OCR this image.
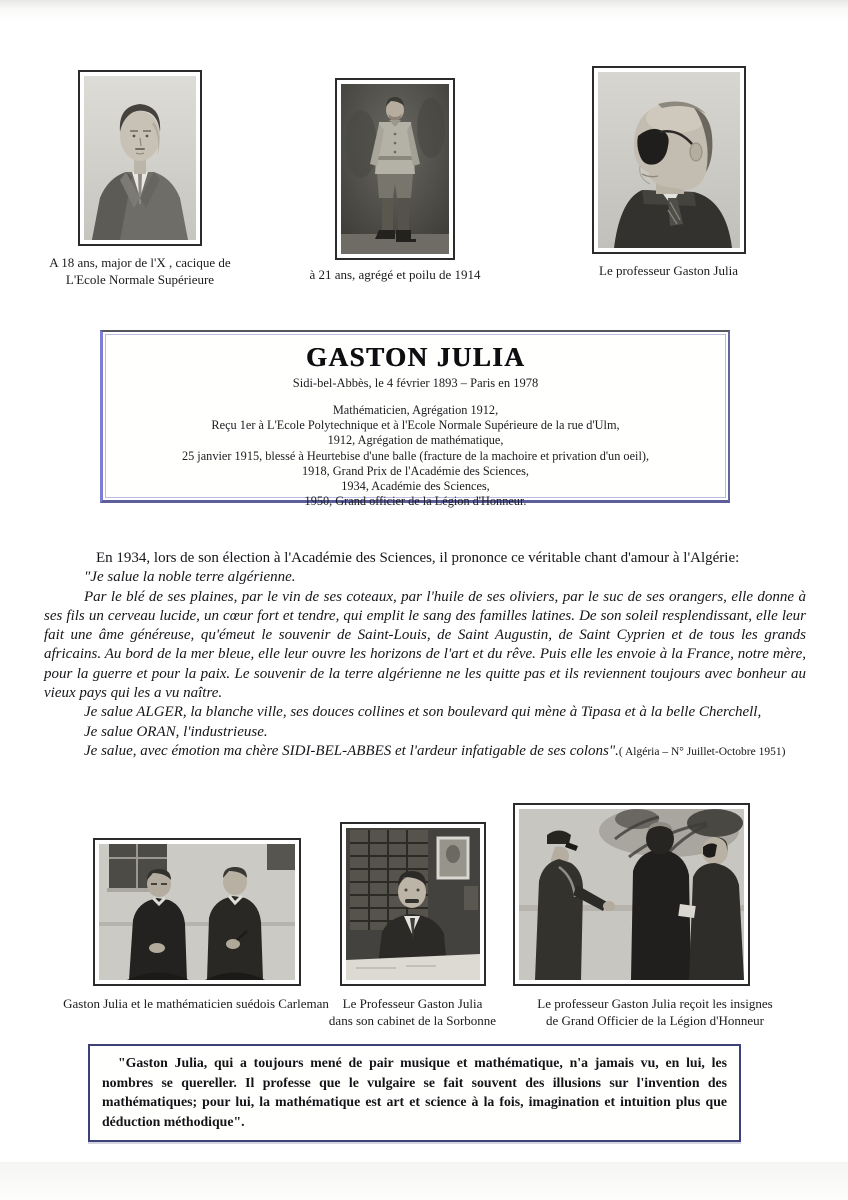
A 18 ans, major de l'X , cacique de
L'Ecole Normale Supérieure	à 21 ans, agrégé et poilu de 1914	Le professeur Gaston Julia
GASTON JULIA
Sidi-bel-Abbès, le 4 février 1893 – Paris en 1978
Mathématicien, Agrégation 1912,
Reçu 1er à L'Ecole Polytechnique et à l'Ecole Normale Supérieure de la rue d'Ulm,
1912, Agrégation de mathématique,
25 janvier 1915, blessé à Heurtebise d'une balle (fracture de la machoire et privation d'un oeil),
1918, Grand Prix de l'Académie des Sciences,
1934, Académie des Sciences,
1950, Grand officier de la Légion d'Honneur.

En 1934, lors de son élection à l'Académie des Sciences, il prononce ce véritable chant d'amour à l'Algérie:

"Je salue la noble terre algérienne.

Par le blé de ses plaines, par le vin de ses coteaux, par l'huile de ses oliviers, par le suc de ses orangers, elle donne à ses fils un cerveau lucide, un cœur fort et tendre, qui emplit le sang des familles latines. De son soleil resplendissant, elle leur fait une âme généreuse, qu'émeut le souvenir de Saint-Louis, de Saint Augustin, de Saint Cyprien et de tous les grands africains. Au bord de la mer bleue, elle leur ouvre les horizons de l'art et du rêve. Puis elle les envoie à la France, notre mère, pour la guerre et pour la paix. Le souvenir de la terre algérienne ne les quitte pas et ils reviennent toujours avec bonheur au vieux pays qui les a vu naître.

Je salue ALGER, la blanche ville, ses douces collines et son boulevard qui mène à Tipasa et à la belle Cherchell,

Je salue ORAN, l'industrieuse.

Je salue, avec émotion ma chère SIDI-BEL-ABBES et l'ardeur infatigable de ses colons".( Algéria – N° Juillet-Octobre 1951)

Gaston Julia et le mathématicien suédois Carleman	Le Professeur Gaston Julia
dans son cabinet de la Sorbonne
Le professeur Gaston Julia reçoit les insignes
de Grand Officier de la Légion d'Honneur

"Gaston Julia, qui a toujours mené de pair musique et mathématique, n'a jamais vu, en lui, les nombres se quereller. Il professe que le vulgaire se fait souvent des illusions sur l'invention des mathématiques; pour lui, la mathématique est art et science à la fois, imagination et intuition plus que déduction méthodique".
